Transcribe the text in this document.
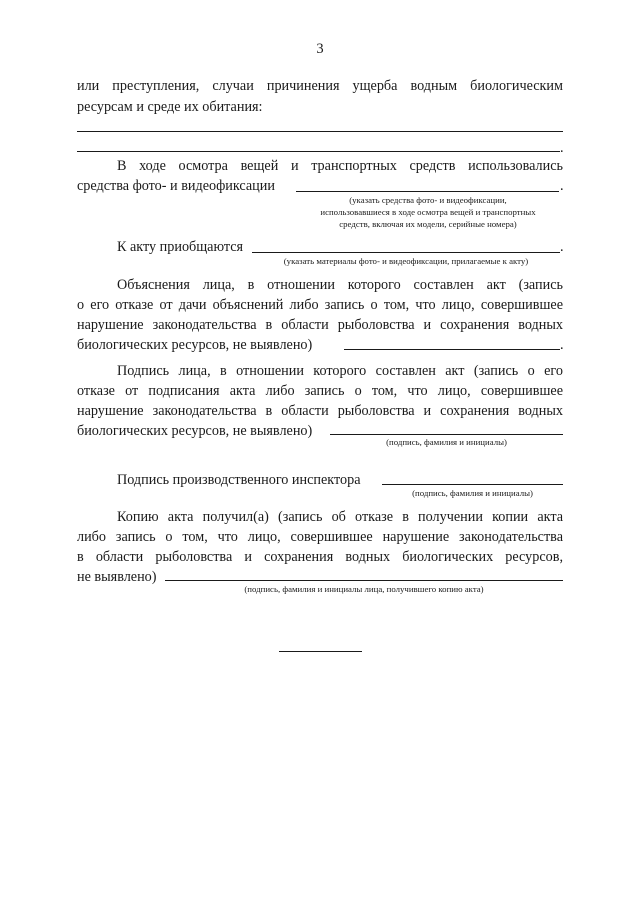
3
или преступления, случаи причинения ущерба водным биологическим
ресурсам и среде их обитания:
.
В ходе осмотра вещей и транспортных средств использовались
средства фото- и видеофиксации	.
(указать средства фото- и видеофиксации,
использовавшиеся в ходе осмотра вещей и транспортных
средств, включая их модели, серийные номера)
К акту приобщаются	.
(указать материалы фото- и видеофиксации, прилагаемые к акту)
Объяснения лица, в отношении которого составлен акт (запись
о его отказе от дачи объяснений либо запись о том, что лицо, совершившее
нарушение законодательства в области рыболовства и сохранения водных
биологических ресурсов, не выявлено)	.
Подпись лица, в отношении которого составлен акт (запись о его
отказе от подписания акта либо запись о том, что лицо, совершившее
нарушение законодательства в области рыболовства и сохранения водных
биологических ресурсов, не выявлено)
(подпись, фамилия и инициалы)
Подпись производственного инспектора
(подпись, фамилия и инициалы)
Копию акта получил(а) (запись об отказе в получении копии акта
либо запись о том, что лицо, совершившее нарушение законодательства
в области рыболовства и сохранения водных биологических ресурсов,
не выявлено)
(подпись, фамилия и инициалы лица, получившего копию акта)
